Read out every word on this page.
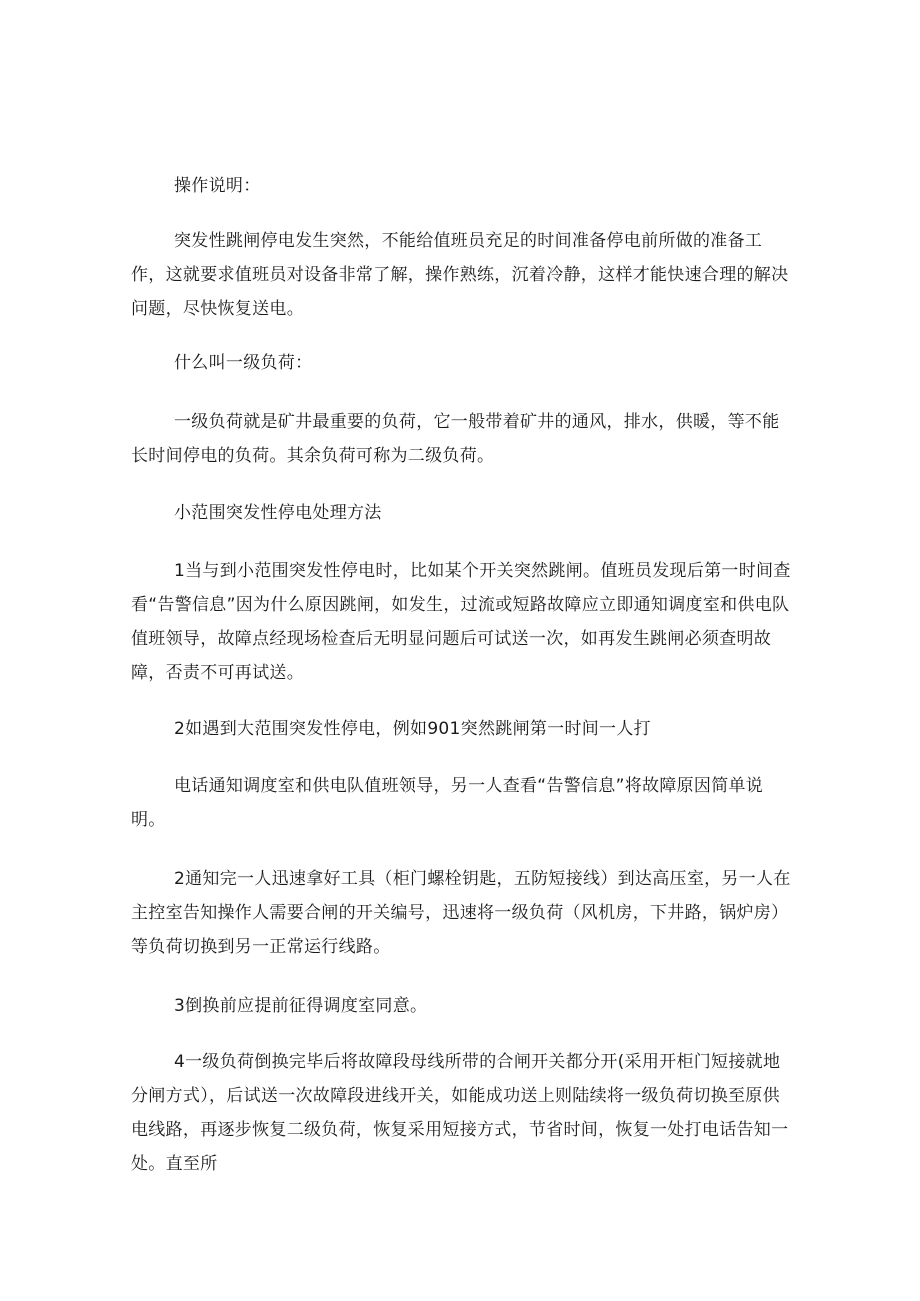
操作说明：

突发性跳闸停电发生突然，不能给值班员充足的时间准备停电前所做的准备工作，这就要求值班员对设备非常了解，操作熟练，沉着冷静，这样才能快速合理的解决问题，尽快恢复送电。

什么叫一级负荷：

一级负荷就是矿井最重要的负荷，它一般带着矿井的通风，排水，供暖，等不能长时间停电的负荷。其余负荷可称为二级负荷。

小范围突发性停电处理方法

1当与到小范围突发性停电时，比如某个开关突然跳闸。值班员发现后第一时间查看“告警信息”因为什么原因跳闸，如发生，过流或短路故障应立即通知调度室和供电队值班领导，故障点经现场检查后无明显问题后可试送一次，如再发生跳闸必须查明故障，否责不可再试送。

2如遇到大范围突发性停电，例如901突然跳闸第一时间一人打

电话通知调度室和供电队值班领导，另一人查看“告警信息”将故障原因简单说明。

2通知完一人迅速拿好工具（柜门螺栓钥匙，五防短接线）到达高压室，另一人在主控室告知操作人需要合闸的开关编号，迅速将一级负荷（风机房，下井路，锅炉房）等负荷切换到另一正常运行线路。

3倒换前应提前征得调度室同意。

4一级负荷倒换完毕后将故障段母线所带的合闸开关都分开(采用开柜门短接就地分闸方式），后试送一次故障段进线开关，如能成功送上则陆续将一级负荷切换至原供电线路，再逐步恢复二级负荷，恢复采用短接方式，节省时间，恢复一处打电话告知一处。直至所
